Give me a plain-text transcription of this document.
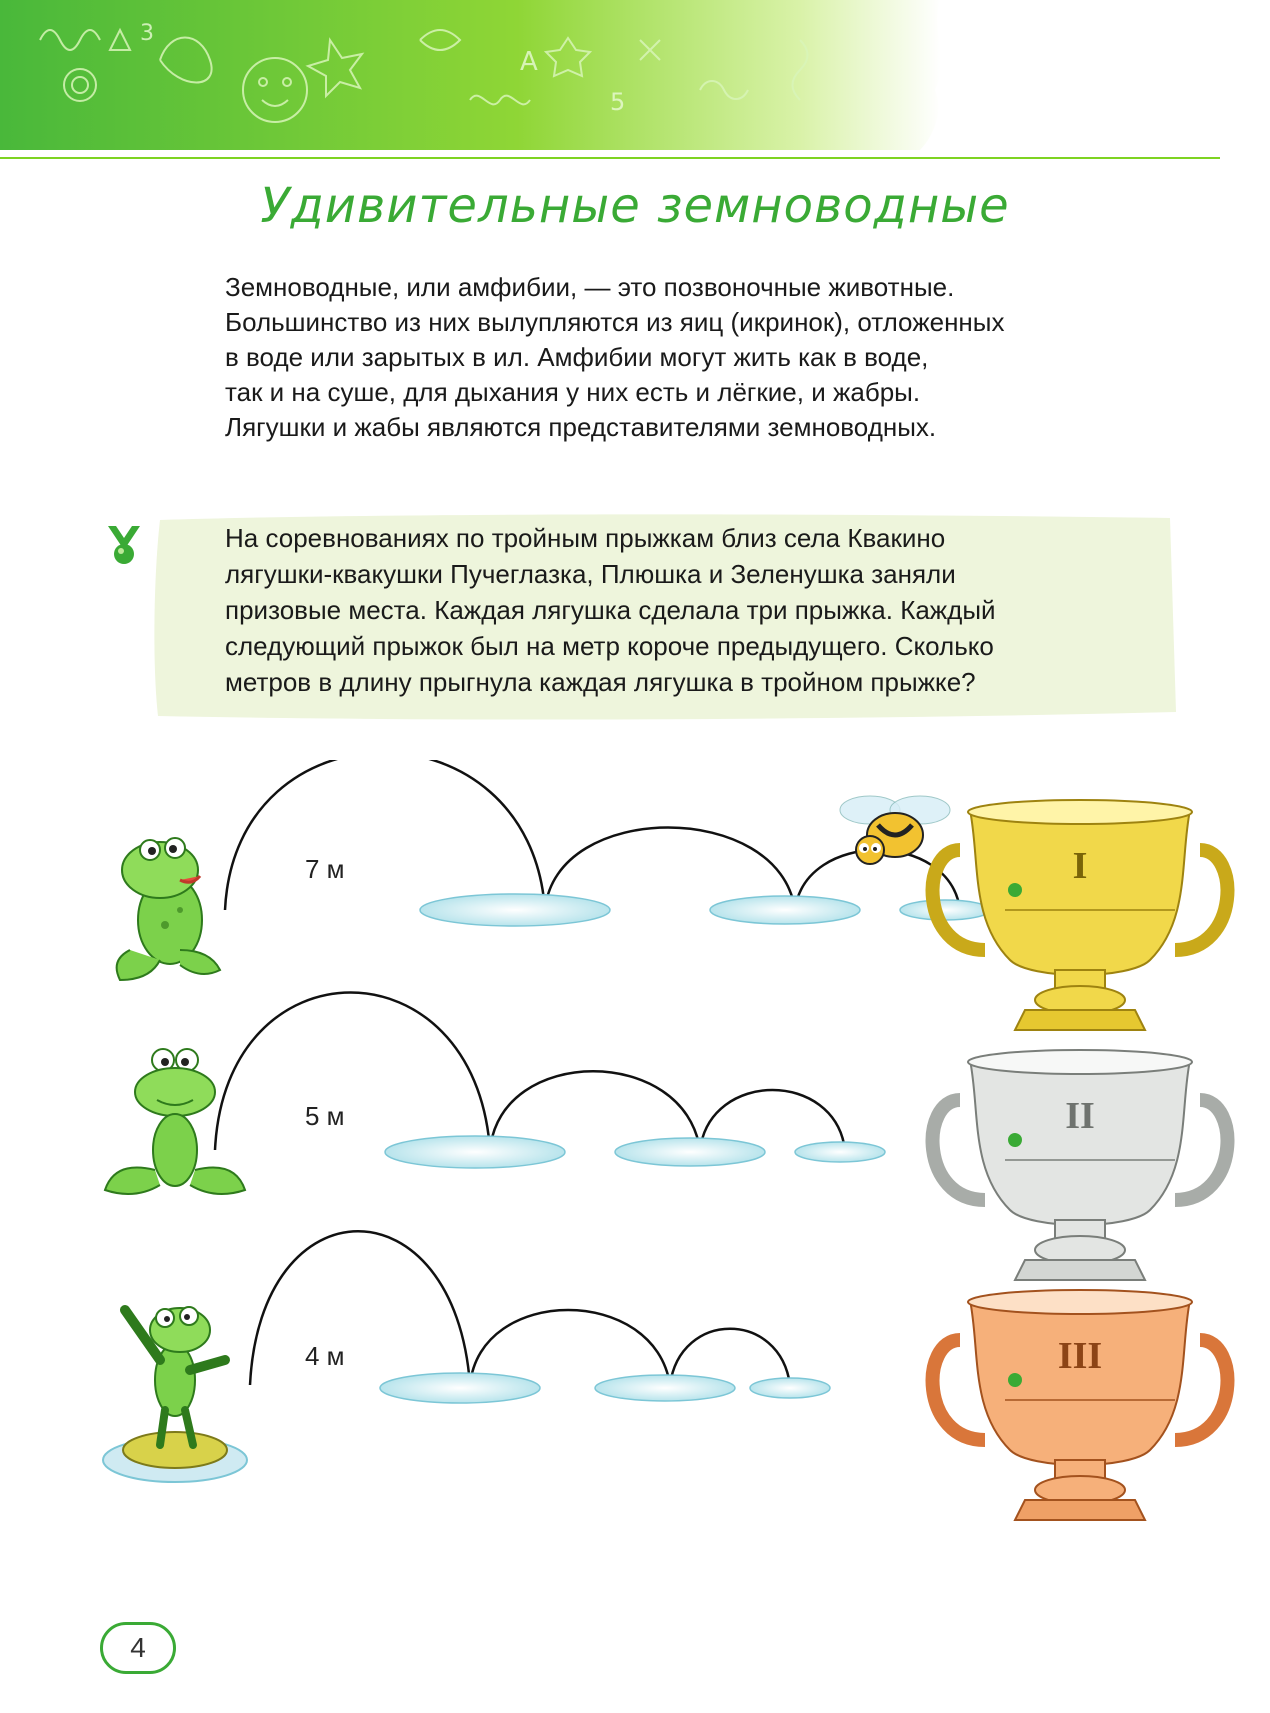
3
A
5
Удивительные земноводные

Земноводные, или амфибии, — это позвоночные животные.

Большинство из них вылупляются из яиц (икринок), отложенных

в воде или зарытых в ил. Амфибии могут жить как в воде,

так и на суше, для дыхания у них есть и лёгкие, и жабры.

Лягушки и жабы являются представителями земноводных.

На соревнованиях по тройным прыжкам близ села Квакино

лягушки-квакушки Пучеглазка, Плюшка и Зеленушка заняли

призовые места. Каждая лягушка сделала три прыжка. Каждый

следующий прыжок был на метр короче предыдущего. Сколько

метров в длину прыгнула каждая лягушка в тройном прыжке?

7 м	I
5 м	II
4 м	III
4
